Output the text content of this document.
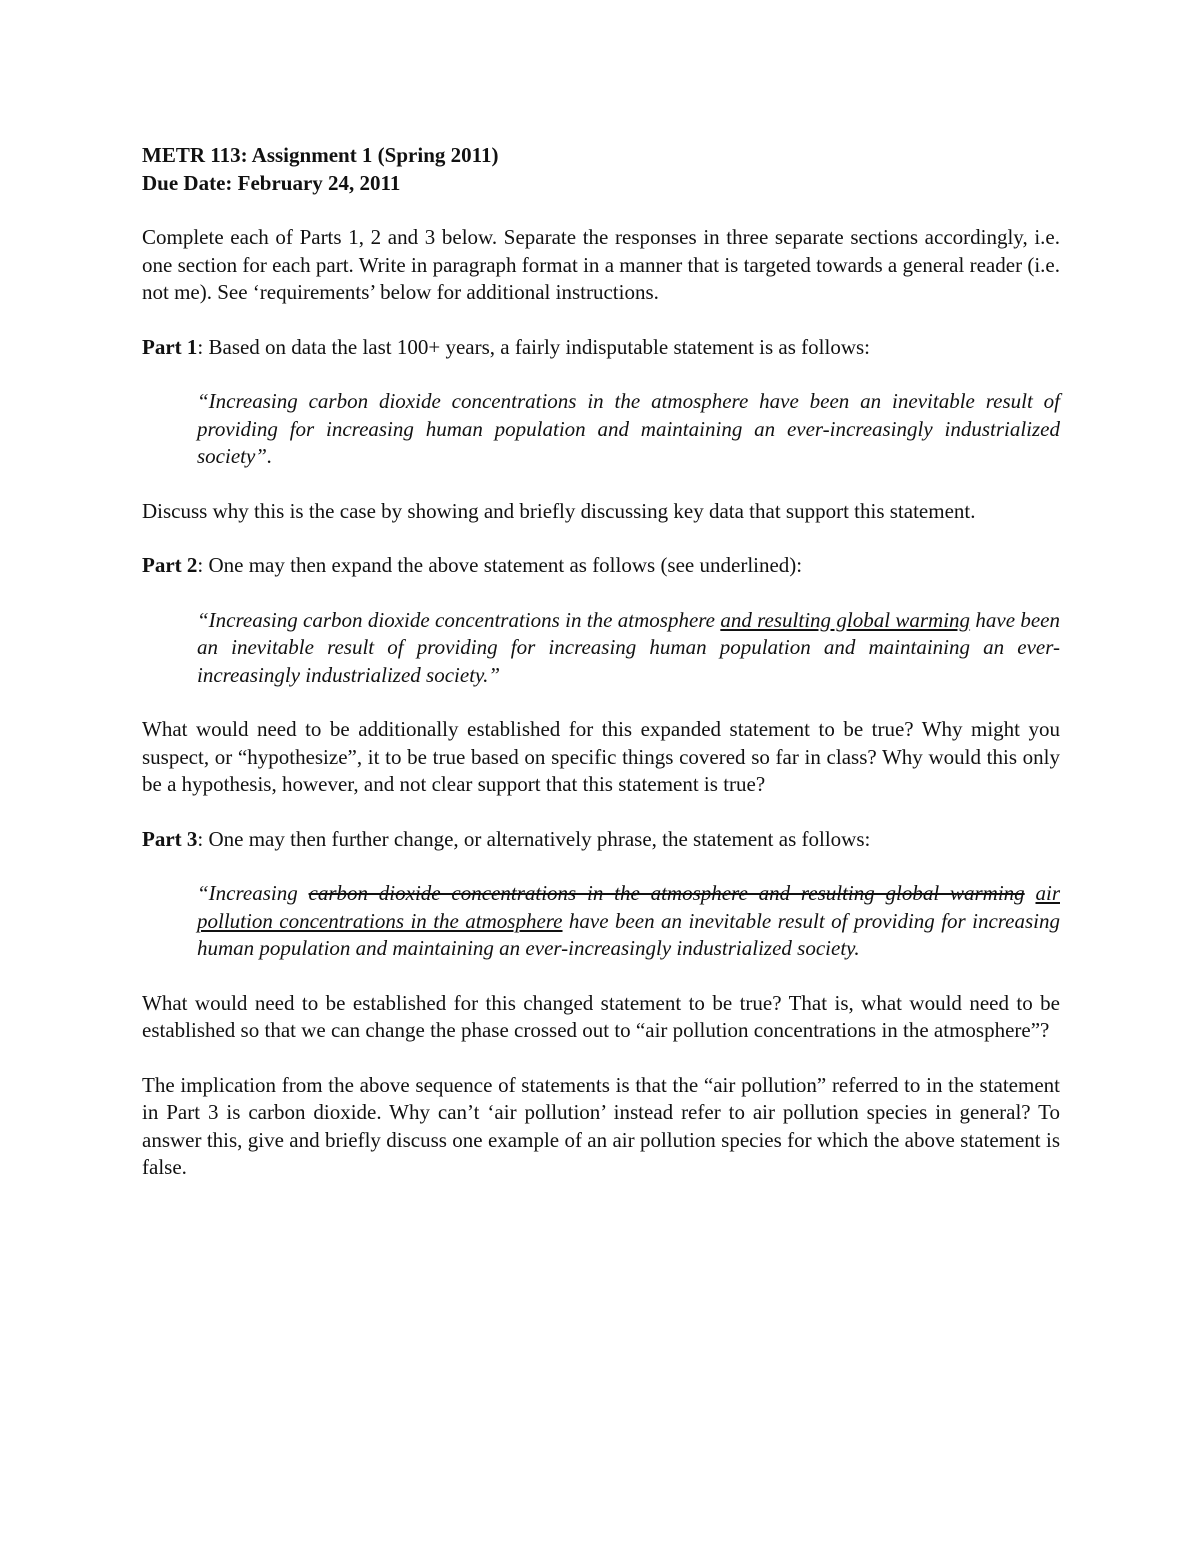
METR 113: Assignment 1 (Spring 2011)
Due Date: February 24, 2011

Complete each of Parts 1, 2 and 3 below. Separate the responses in three separate sections accordingly, i.e. one section for each part. Write in paragraph format in a manner that is targeted towards a general reader (i.e. not me). See ‘requirements’ below for additional instructions.

Part 1: Based on data the last 100+ years, a fairly indisputable statement is as follows:

“Increasing carbon dioxide concentrations in the atmosphere have been an inevitable result of providing for increasing human population and maintaining an ever-increasingly industrialized society”.

Discuss why this is the case by showing and briefly discussing key data that support this statement.

Part 2: One may then expand the above statement as follows (see underlined):

“Increasing carbon dioxide concentrations in the atmosphere and resulting global warming have been an inevitable result of providing for increasing human population and maintaining an ever-increasingly industrialized society.”

What would need to be additionally established for this expanded statement to be true? Why might you suspect, or “hypothesize”, it to be true based on specific things covered so far in class? Why would this only be a hypothesis, however, and not clear support that this statement is true?

Part 3: One may then further change, or alternatively phrase, the statement as follows:

“Increasing carbon dioxide concentrations in the atmosphere and resulting global warming air pollution concentrations in the atmosphere have been an inevitable result of providing for increasing human population and maintaining an ever-increasingly industrialized society.

What would need to be established for this changed statement to be true? That is, what would need to be established so that we can change the phase crossed out to “air pollution concentrations in the atmosphere”?

The implication from the above sequence of statements is that the “air pollution” referred to in the statement in Part 3 is carbon dioxide. Why can’t ‘air pollution’ instead refer to air pollution species in general? To answer this, give and briefly discuss one example of an air pollution species for which the above statement is false.
